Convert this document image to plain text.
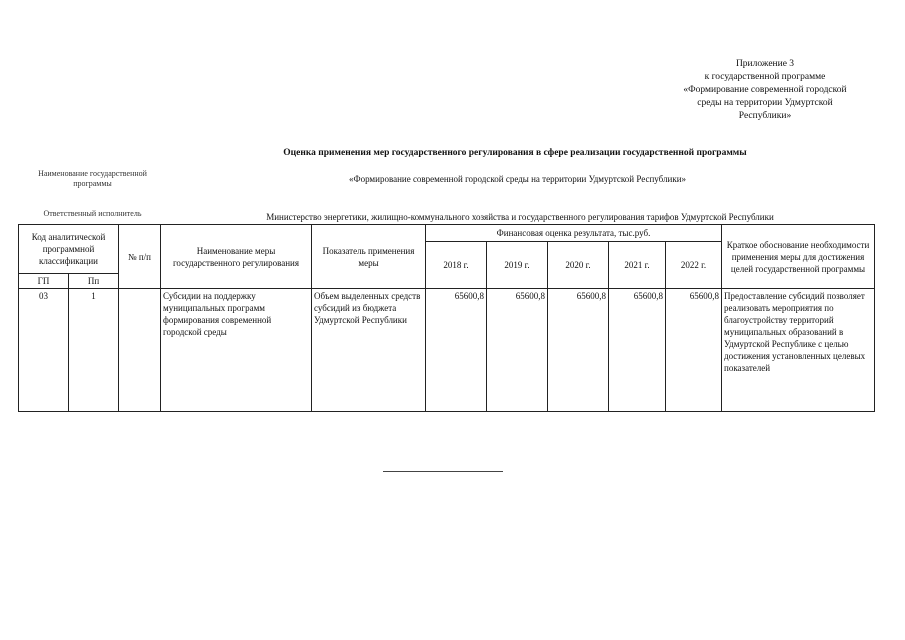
Приложение 3
к государственной программе
«Формирование современной городской
среды на территории Удмуртской
Республики»
Оценка применения мер государственного регулирования в сфере реализации государственной программы
Наименование государственной программы	«Формирование современной городской среды на территории Удмуртской Республики»
Ответственный исполнитель	Министерство энергетики, жилищно-коммунального хозяйства и государственного регулирования тарифов Удмуртской Республики
Код аналитической программной классификации		№ п/п	Наименование меры государственного регулирования	Показатель применения меры	Финансовая оценка результата, тыс.руб.					Краткое обоснование необходимости применения меры для достижения целей государственной программы
					2018 г.	2019 г.	2020 г.	2021 г.	2022 г.	
ГП	Пп									
03	1		Субсидии на поддержку муниципальных программ формирования современной городской среды	Объем выделенных средств субсидий из бюджета Удмуртской Республики	65600,8	65600,8	65600,8	65600,8	65600,8	Предоставление субсидий позволяет реализовать мероприятия по благоустройству территорий муниципальных образований в Удмуртской Республике с целью достижения установленных целевых показателей
